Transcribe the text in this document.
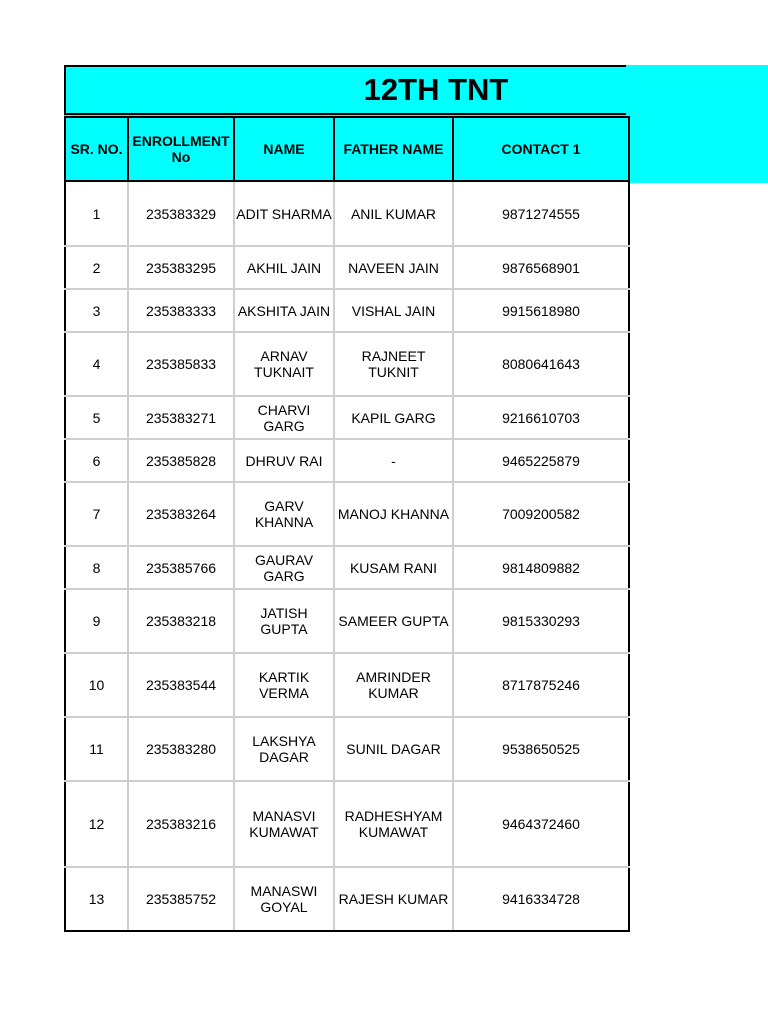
12TH TNT
SR. NO.	ENROLLMENT No	NAME	FATHER NAME	CONTACT 1
1	235383329	ADIT SHARMA	ANIL KUMAR	9871274555
2	235383295	AKHIL JAIN	NAVEEN JAIN	9876568901
3	235383333	AKSHITA JAIN	VISHAL JAIN	9915618980
4	235385833	ARNAV TUKNAIT	RAJNEET TUKNIT	8080641643
5	235383271	CHARVI GARG	KAPIL GARG	9216610703
6	235385828	DHRUV RAI	-	9465225879
7	235383264	GARV KHANNA	MANOJ KHANNA	7009200582
8	235385766	GAURAV GARG	KUSAM RANI	9814809882
9	235383218	JATISH GUPTA	SAMEER GUPTA	9815330293
10	235383544	KARTIK VERMA	AMRINDER KUMAR	8717875246
11	235383280	LAKSHYA DAGAR	SUNIL DAGAR	9538650525
12	235383216	MANASVI KUMAWAT	RADHESHYAM KUMAWAT	9464372460
13	235385752	MANASWI GOYAL	RAJESH KUMAR	9416334728
